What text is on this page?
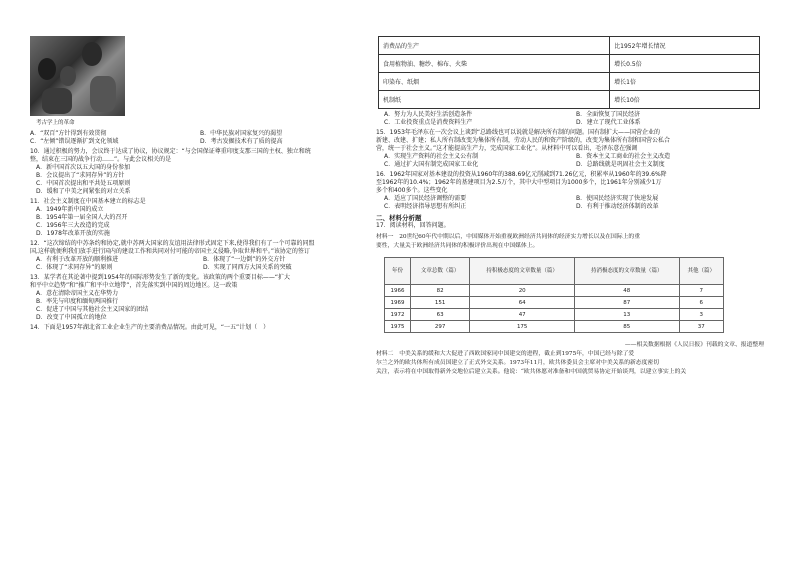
考古学上的革命
A．“双百”方针得到有效贯彻	B．中华民族对国家复兴的渴望
C．“左倾”错误逐渐扩到文化领域	D．考古发掘技术有了质的提高

10．通过积极的努力，会议终于达成了协议，协议规定：“与会国保证尊重印度支那三国的主权、独立和统

整，结束在三国的战争行动……”。与此会议相关的是

A．新中国首次以五大国的身份参加
B．会议提出了“求同存异”的方针
C．中国首次提出和平共处五项原则
D．缓和了中美之间紧张的对立关系

11．社会主义制度在中国基本建立的标志是

A．1949年新中国的成立
B．1954年第一届全国人大的召开
C．1956年三大改造的完成
D．1978年改革开放的实施

12．“这次缔结的中苏条约和协定,就中苏两大国家的友谊用法律形式固定下来,使得我们有了一个可靠的同盟

国,这样就便利我们放手进行国内的建设工作和共同对付可能的帝国主义侵略,争取世界和平。”该协定的签订

A．有利于改革开放的顺利推进	B．体现了“一边倒”的外交方针
C．体现了“求同存异”的原则	D．实现了同西方大国关系的突破

13．某学者在其论著中提到1954年的国际形势发生了新的变化。该政策的两个重要目标——“扩大

和平中立趋势”和“推广和平中立地带”，首先落实到中国的周边地区。这一政策

A．意在清除帝国主义在华势力
B．率先与印度和缅甸两国推行
C．促进了中国与其他社会主义国家的团结
D．改变了中国孤立的地位

14．下面是1957年湖北省工业企业生产的主要消费品情况。由此可见，“一五”计划（　）

消费品的生产	比1952年增长情况
食用植物油、糖纱、棉布、火柴	增长0.5倍
印染布、纸烟	增长1倍
机制纸	增长10倍
A．努力为人民美好生活创造条件	B．全面恢复了国民经济
C．工业投资重点是消费资料生产	D．建立了现代工业体系

15．1953年毛泽东在一次会议上谈到“总路线也可以说就是解决所有制的问题。国有制扩大——国营企业的

新建、改建、扩建；私人所有制改变为集体所有制，劳动人民的和资产阶级的，改变为集体所有制和国营公私合

营，统一于社会主义。”这才能提高生产力，完成国家工业化”。从材料中可以看出，毛泽东意在强调

A．实现生产资料的社会主义公有制	B．资本主义工商业的社会主义改造
C．通过扩大国有制完成国家工业化	D．总路线就是巩固社会主义制度

16．1962年国家对基本建设的投资从1960年的388.69亿元削减到71.26亿元，积累率从1960年的39.6%降

至1962年的10.4%；1962年的基建项目为2.5万个，其中大中型项目为1000多个，比1961年分别减少1万

多个和400多个。这些变化

A．适应了国民经济调整的需要	B．使国民经济实现了快速发展
C．表明经济指导思想有所纠正	D．有利于推动经济体制的改革
二、材料分析题

17．阅读材料，回答问题。

材料一　20世纪60年代中期以后，中国媒体开始重视欧洲经济共同体的经济实力增长以及在国际上的重
要性，大量关于欧洲经济共同体的积极评价出现在中国媒体上。
年份	文章总数（篇）	持积极态度的文章数量（篇）	持消极态度的文章数量（篇）	其他（篇）
1966	82	20	48	7
1969	151	64	87	6
1972	63	47	13	3
1975	297	175	85	37
——相关数据根据《人民日报》刊载的文章、报道整理
材料二　中美关系的缓和大大促进了西欧国家同中国建交的进程，截止到1975年，中国已经与除了爱
尔兰之外的欧共体所有成员国建立了正式外交关系。1973年11月，欧共体委员会主席对中美关系的新态度密切
关注，表示将在中国取得新外交地位后建立关系。他说：“欧共体愿对准备和中国就贸易协定开始谈判，以建立事实上的关
